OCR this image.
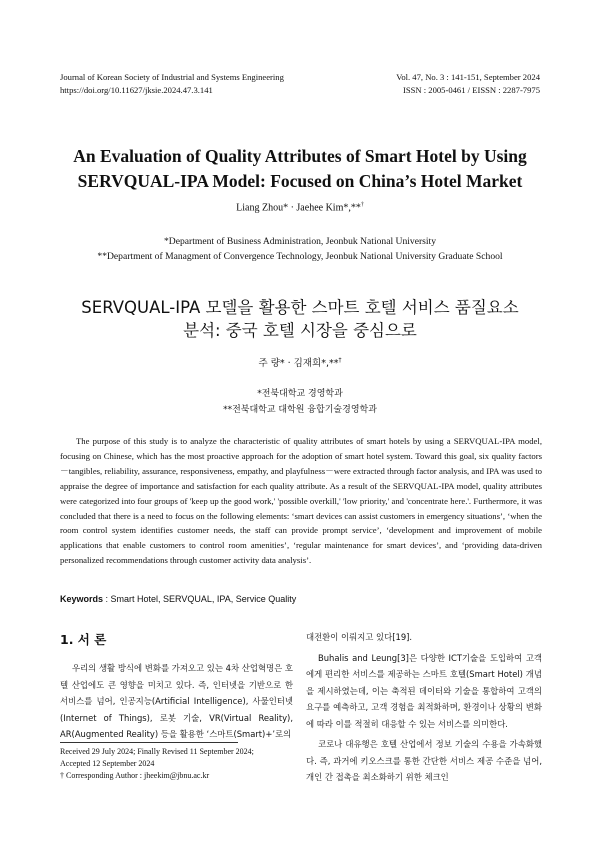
Journal of Korean Society of Industrial and Systems Engineering
https://doi.org/10.11627/jksie.2024.47.3.141
Vol. 47, No. 3 : 141-151, September 2024
ISSN : 2005-0461 / EISSN : 2287-7975
An Evaluation of Quality Attributes of Smart Hotel by Using
SERVQUAL-IPA Model: Focused on China’s Hotel Market
Liang Zhou* · Jaehee Kim*,**†
*Department of Business Administration, Jeonbuk National University
**Department of Managment of Convergence Technology, Jeonbuk National University Graduate School
SERVQUAL-IPA 모델을 활용한 스마트 호텔 서비스 품질요소
분석: 중국 호텔 시장을 중심으로
주 량* · 김재희*,**†
*전북대학교 경영학과
**전북대학교 대학원 융합기술경영학과
The purpose of this study is to analyze the characteristic of quality attributes of smart hotels by using a SERVQUAL-IPA model, focusing on Chinese, which has the most proactive approach for the adoption of smart hotel system. Toward this goal, six quality factors－tangibles, reliability, assurance, responsiveness, empathy, and playfulness－were extracted through factor analysis, and IPA was used to appraise the degree of importance and satisfaction for each quality attribute. As a result of the SERVQUAL-IPA model, quality attributes were categorized into four groups of 'keep up the good work,' 'possible overkill,' 'low priority,' and 'concentrate here.'. Furthermore, it was concluded that there is a need to focus on the following elements: ‘smart devices can assist customers in emergency situations’, ‘when the room control system identifies customer needs, the staff can provide prompt service’, ‘development and improvement of mobile applications that enable customers to control room amenities’, ‘regular maintenance for smart devices’, and ‘providing data-driven personalized recommendations through customer activity data analysis’.
Keywords : Smart Hotel, SERVQUAL, IPA, Service Quality
1. 서 론
우리의 생활 방식에 변화를 가져오고 있는 4차 산업혁명은 호텔 산업에도 큰 영향을 미치고 있다. 즉, 인터넷을 기반으로 한 서비스를 넘어, 인공지능(Artificial Intelligence), 사물인터넷(Internet of Things), 로봇 기술, VR(Virtual Reality), AR(Augmented Reality) 등을 활용한 ‘스마트(Smart)+’로의

대전환이 이뤄지고 있다[19].

Buhalis and Leung[3]은 다양한 ICT기술을 도입하여 고객에게 편리한 서비스를 제공하는 스마트 호텔(Smart Hotel) 개념을 제시하였는데, 이는 축적된 데이터와 기술을 통합하여 고객의 요구를 예측하고, 고객 경험을 최적화하며, 환경이나 상황의 변화에 따라 이를 적절히 대응할 수 있는 서비스를 의미한다.

코로나 대유행은 호텔 산업에서 정보 기술의 수용을 가속화했다. 즉, 과거에 키오스크를 통한 간단한 서비스 제공 수준을 넘어, 개인 간 접촉을 최소화하기 위한 체크인

Received 29 July 2024; Finally Revised 11 September 2024;
Accepted 12 September 2024
† Corresponding Author : jheekim@jbnu.ac.kr
